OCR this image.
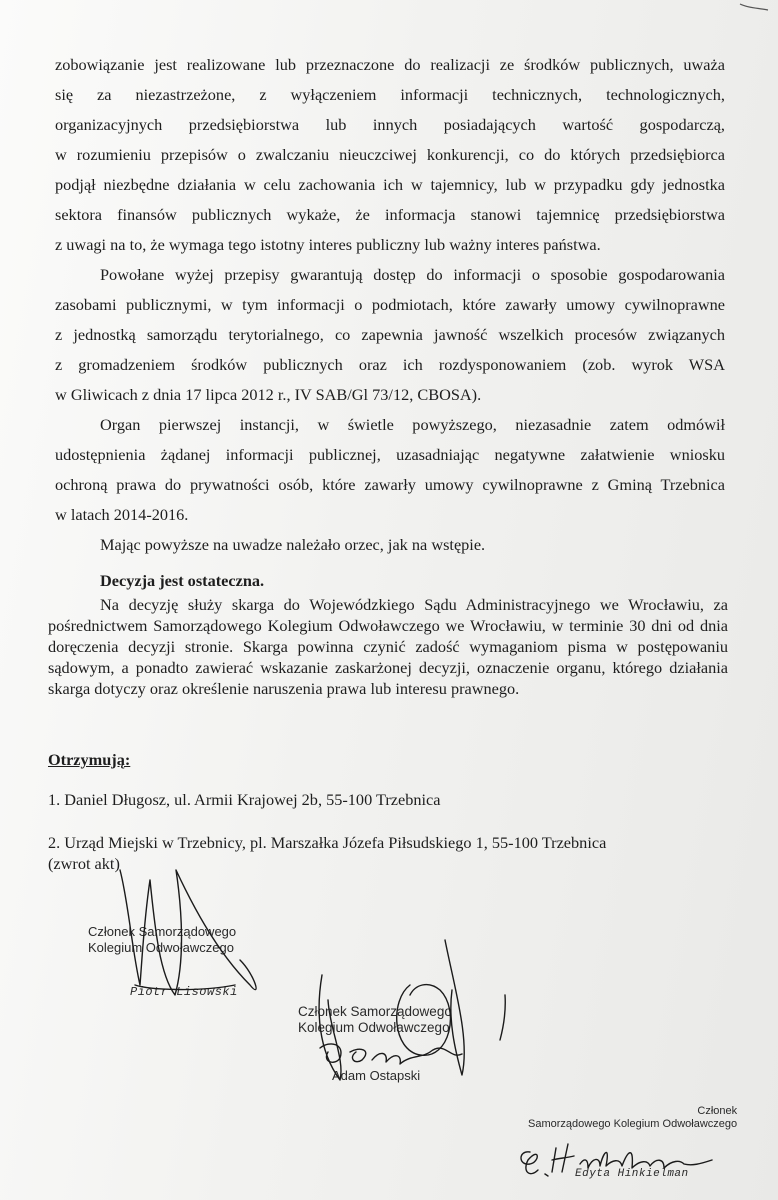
zobowiązanie jest realizowane lub przeznaczone do realizacji ze środków publicznych, uważa
się za niezastrzeżone, z wyłączeniem informacji technicznych, technologicznych,
organizacyjnych przedsiębiorstwa lub innych posiadających wartość gospodarczą,
w rozumieniu przepisów o zwalczaniu nieuczciwej konkurencji, co do których przedsiębiorca
podjął niezbędne działania w celu zachowania ich w tajemnicy, lub w przypadku gdy jednostka
sektora finansów publicznych wykaże, że informacja stanowi tajemnicę przedsiębiorstwa
z uwagi na to, że wymaga tego istotny interes publiczny lub ważny interes państwa.
Powołane wyżej przepisy gwarantują dostęp do informacji o sposobie gospodarowania
zasobami publicznymi, w tym informacji o podmiotach, które zawarły umowy cywilnoprawne
z jednostką samorządu terytorialnego, co zapewnia jawność wszelkich procesów związanych
z gromadzeniem środków publicznych oraz ich rozdysponowaniem (zob. wyrok WSA
w Gliwicach z dnia 17 lipca 2012 r., IV SAB/Gl 73/12, CBOSA).
Organ pierwszej instancji, w świetle powyższego, niezasadnie zatem odmówił
udostępnienia żądanej informacji publicznej, uzasadniając negatywne załatwienie wniosku
ochroną prawa do prywatności osób, które zawarły umowy cywilnoprawne z Gminą Trzebnica
w latach 2014-2016.
Mając powyższe na uwadze należało orzec, jak na wstępie.

Decyzja jest ostateczna.

Na decyzję służy skarga do Wojewódzkiego Sądu Administracyjnego we Wrocławiu, za pośrednictwem Samorządowego Kolegium Odwoławczego we Wrocławiu, w terminie 30 dni od dnia doręczenia decyzji stronie. Skarga powinna czynić zadość wymaganiom pisma w postępowaniu sądowym, a ponadto zawierać wskazanie zaskarżonej decyzji, oznaczenie organu, którego działania skarga dotyczy oraz określenie naruszenia prawa lub interesu prawnego.

Otrzymują:
1. Daniel Długosz, ul. Armii Krajowej 2b, 55-100 Trzebnica
2. Urząd Miejski w Trzebnicy, pl. Marszałka Józefa Piłsudskiego 1, 55-100 Trzebnica
(zwrot akt)
Członek Samorządowego
Kolegium Odwoławczego
Piotr Lisowski
Członek Samorządowego
Kolegium Odwoławczego
Adam Ostapski
Członek
Samorządowego Kolegium Odwoławczego
Edyta Hinkielman
